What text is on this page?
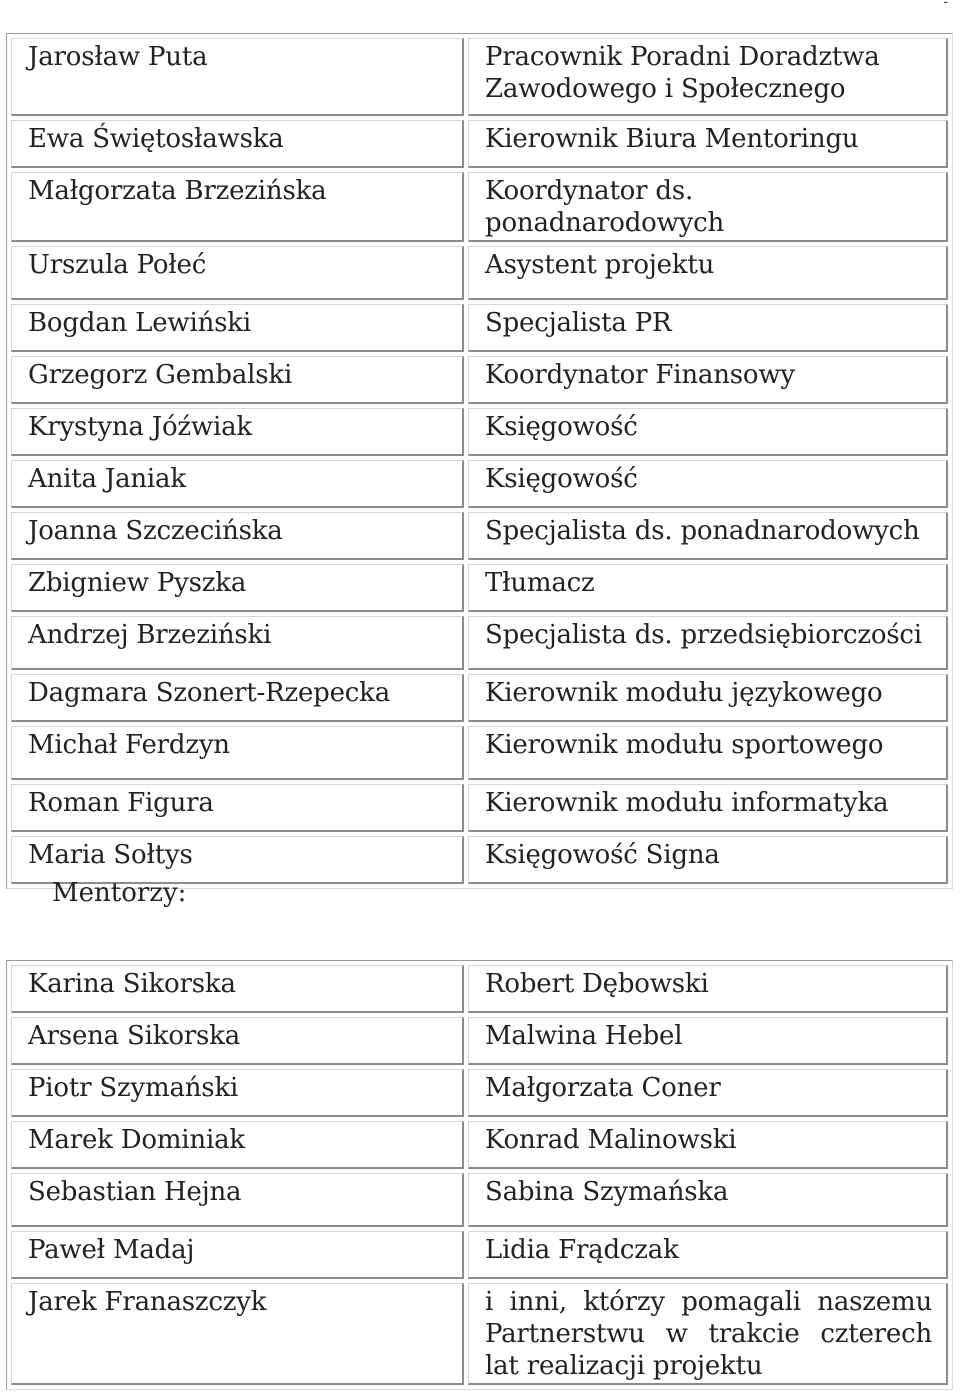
-
Jarosław Puta	Pracownik Poradni Doradztwa Zawodowego i Społecznego
Ewa Świętosławska	Kierownik Biura Mentoringu
Małgorzata Brzezińska	Koordynator ds. ponadnarodowych
Urszula Połeć	Asystent projektu
Bogdan Lewiński	Specjalista PR
Grzegorz Gembalski	Koordynator Finansowy
Krystyna Jóźwiak	Księgowość
Anita Janiak	Księgowość
Joanna Szczecińska	Specjalista ds. ponadnarodowych
Zbigniew Pyszka	Tłumacz
Andrzej Brzeziński	Specjalista ds. przedsiębiorczości
Dagmara Szonert-Rzepecka	Kierownik modułu językowego
Michał Ferdzyn	Kierownik modułu sportowego
Roman Figura	Kierownik modułu informatyka
Maria Sołtys	Księgowość Signa
Mentorzy:
Karina Sikorska	Robert Dębowski
Arsena Sikorska	Malwina Hebel
Piotr Szymański	Małgorzata Coner
Marek Dominiak	Konrad Malinowski
Sebastian Hejna	Sabina Szymańska
Paweł Madaj	Lidia Frądczak
Jarek Franaszczyk	i inni, którzy pomagali naszemu Partnerstwu w trakcie czterech lat realizacji projektu
